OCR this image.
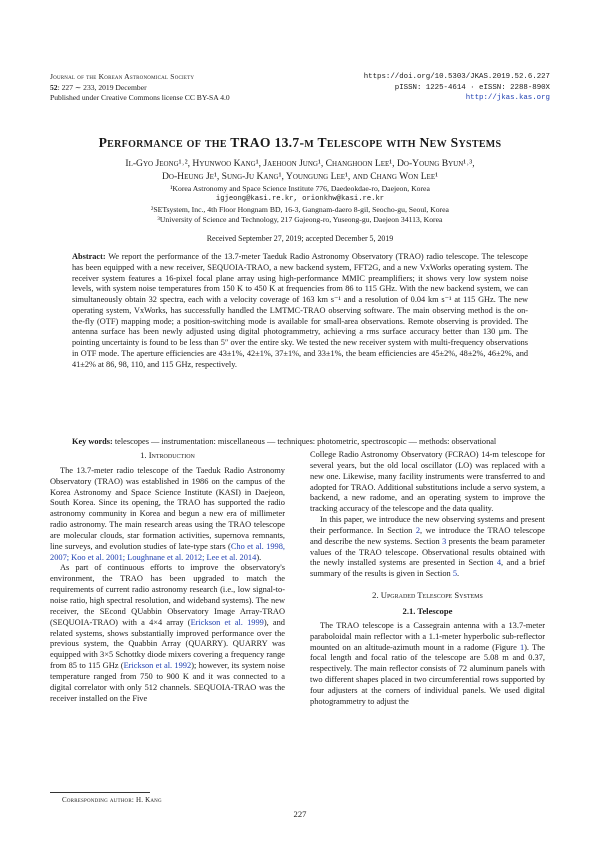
Journal of the Korean Astronomical Society
52: 227 ∼ 233, 2019 December
Published under Creative Commons license CC BY-SA 4.0
https://doi.org/10.5303/JKAS.2019.52.6.227
pISSN: 1225-4614 · eISSN: 2288-890X
http://jkas.kas.org
Performance of the TRAO 13.7-m Telescope with New Systems
Il-Gyo Jeong¹˒², Hyunwoo Kang¹, Jaehoon Jung¹, Changhoon Lee¹, Do-Young Byun¹˒³,
Do-Heung Je¹, Sung-Ju Kang¹, Youngung Lee¹, and Chang Won Lee¹
¹Korea Astronomy and Space Science Institute 776, Daedeokdae-ro, Daejeon, Korea
igjeong@kasi.re.kr, orionkhw@kasi.re.kr
²SETsystem, Inc., 4th Floor Hongnam BD, 16-3, Gangnam-daero 8-gil, Seocho-gu, Seoul, Korea
³University of Science and Technology, 217 Gajeong-ro, Yuseong-gu, Daejeon 34113, Korea
Received September 27, 2019; accepted December 5, 2019
Abstract: We report the performance of the 13.7-meter Taeduk Radio Astronomy Observatory (TRAO) radio telescope. The telescope has been equipped with a new receiver, SEQUOIA-TRAO, a new backend system, FFT2G, and a new VxWorks operating system. The receiver system features a 16-pixel focal plane array using high-performance MMIC preamplifiers; it shows very low system noise levels, with system noise temperatures from 150 K to 450 K at frequencies from 86 to 115 GHz. With the new backend system, we can simultaneously obtain 32 spectra, each with a velocity coverage of 163 km s⁻¹ and a resolution of 0.04 km s⁻¹ at 115 GHz. The new operating system, VxWorks, has successfully handled the LMTMC-TRAO observing software. The main observing method is the on-the-fly (OTF) mapping mode; a position-switching mode is available for small-area observations. Remote observing is provided. The antenna surface has been newly adjusted using digital photogrammetry, achieving a rms surface accuracy better than 130 μm. The pointing uncertainty is found to be less than 5″ over the entire sky. We tested the new receiver system with multi-frequency observations in OTF mode. The aperture efficiencies are 43±1%, 42±1%, 37±1%, and 33±1%, the beam efficiencies are 45±2%, 48±2%, 46±2%, and 41±2% at 86, 98, 110, and 115 GHz, respectively.
Key words: telescopes — instrumentation: miscellaneous — techniques: photometric, spectroscopic — methods: observational
1. Introduction

The 13.7-meter radio telescope of the Taeduk Radio Astronomy Observatory (TRAO) was established in 1986 on the campus of the Korea Astronomy and Space Science Institute (KASI) in Daejeon, South Korea. Since its opening, the TRAO has supported the radio astronomy community in Korea and begun a new era of millimeter radio astronomy. The main research areas using the TRAO telescope are molecular clouds, star formation activities, supernova remnants, line surveys, and evolution studies of late-type stars (Cho et al. 1998, 2007; Koo et al. 2001; Loughnane et al. 2012; Lee et al. 2014).

As part of continuous efforts to improve the observatory's environment, the TRAO has been upgraded to match the requirements of current radio astronomy research (i.e., low signal-to-noise ratio, high spectral resolution, and wideband systems). The new receiver, the SEcond QUabbin Observatory Image Array-TRAO (SEQUOIA-TRAO) with a 4×4 array (Erickson et al. 1999), and related systems, shows substantially improved performance over the previous system, the Quabbin Array (QUARRY). QUARRY was equipped with 3×5 Schottky diode mixers covering a frequency range from 85 to 115 GHz (Erickson et al. 1992); however, its system noise temperature ranged from 750 to 900 K and it was connected to a digital correlator with only 512 channels. SEQUOIA-TRAO was the receiver installed on the Five

College Radio Astronomy Observatory (FCRAO) 14-m telescope for several years, but the old local oscillator (LO) was replaced with a new one. Likewise, many facility instruments were transferred to and adopted for TRAO. Additional substitutions include a servo system, a backend, a new radome, and an operating system to improve the tracking accuracy of the telescope and the data quality.

In this paper, we introduce the new observing systems and present their performance. In Section 2, we introduce the TRAO telescope and describe the new systems. Section 3 presents the beam parameter values of the TRAO telescope. Observational results obtained with the newly installed systems are presented in Section 4, and a brief summary of the results is given in Section 5.

2. Upgraded Telescope Systems
2.1. Telescope

The TRAO telescope is a Cassegrain antenna with a 13.7-meter paraboloidal main reflector with a 1.1-meter hyperbolic sub-reflector mounted on an altitude-azimuth mount in a radome (Figure 1). The focal length and focal ratio of the telescope are 5.08 m and 0.37, respectively. The main reflector consists of 72 aluminum panels with two different shapes placed in two circumferential rows supported by four adjusters at the corners of individual panels. We used digital photogrammetry to adjust the

Corresponding author: H. Kang
227
